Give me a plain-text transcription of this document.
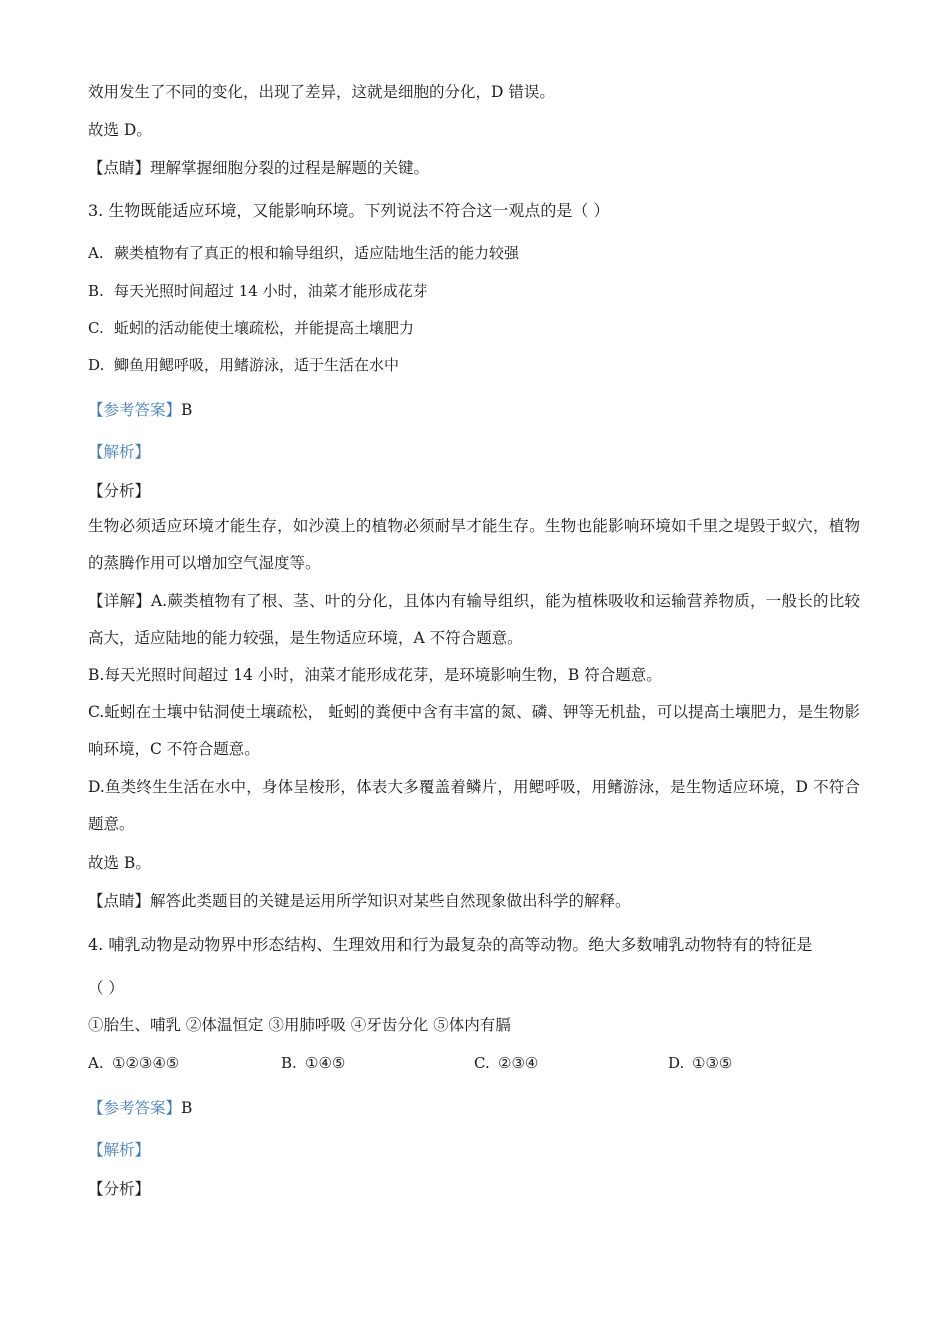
效用发生了不同的变化，出现了差异，这就是细胞的分化，D 错误。
故选 D。
【点睛】理解掌握细胞分裂的过程是解题的关键。
3. 生物既能适应环境，又能影响环境。下列说法不符合这一观点的是（ ）
A. 蕨类植物有了真正的根和输导组织，适应陆地生活的能力较强
B. 每天光照时间超过 14 小时，油菜才能形成花芽
C. 蚯蚓的活动能使土壤疏松，并能提高土壤肥力
D. 鲫鱼用鳃呼吸，用鳍游泳，适于生活在水中
【参考答案】B
【解析】
【分析】
生物必须适应环境才能生存，如沙漠上的植物必须耐旱才能生存。生物也能影响环境如千里之堤毁于蚁穴，植物的蒸腾作用可以增加空气湿度等。
【详解】A.蕨类植物有了根、茎、叶的分化，且体内有输导组织，能为植株吸收和运输营养物质，一般长的比较高大，适应陆地的能力较强，是生物适应环境，A 不符合题意。
B.每天光照时间超过 14 小时，油菜才能形成花芽，是环境影响生物，B 符合题意。
C.蚯蚓在土壤中钻洞使土壤疏松， 蚯蚓的粪便中含有丰富的氮、磷、钾等无机盐，可以提高土壤肥力，是生物影响环境，C 不符合题意。
D.鱼类终生生活在水中，身体呈梭形，体表大多覆盖着鳞片，用鳃呼吸，用鳍游泳，是生物适应环境，D 不符合题意。
故选 B。
【点睛】解答此类题目的关键是运用所学知识对某些自然现象做出科学的解释。
4. 哺乳动物是动物界中形态结构、生理效用和行为最复杂的高等动物。绝大多数哺乳动物特有的特征是
（ ）
①胎生、哺乳 ②体温恒定 ③用肺呼吸 ④牙齿分化 ⑤体内有膈
A. ①②③④⑤	B. ①④⑤	C. ②③④	D. ①③⑤
【参考答案】B
【解析】
【分析】
